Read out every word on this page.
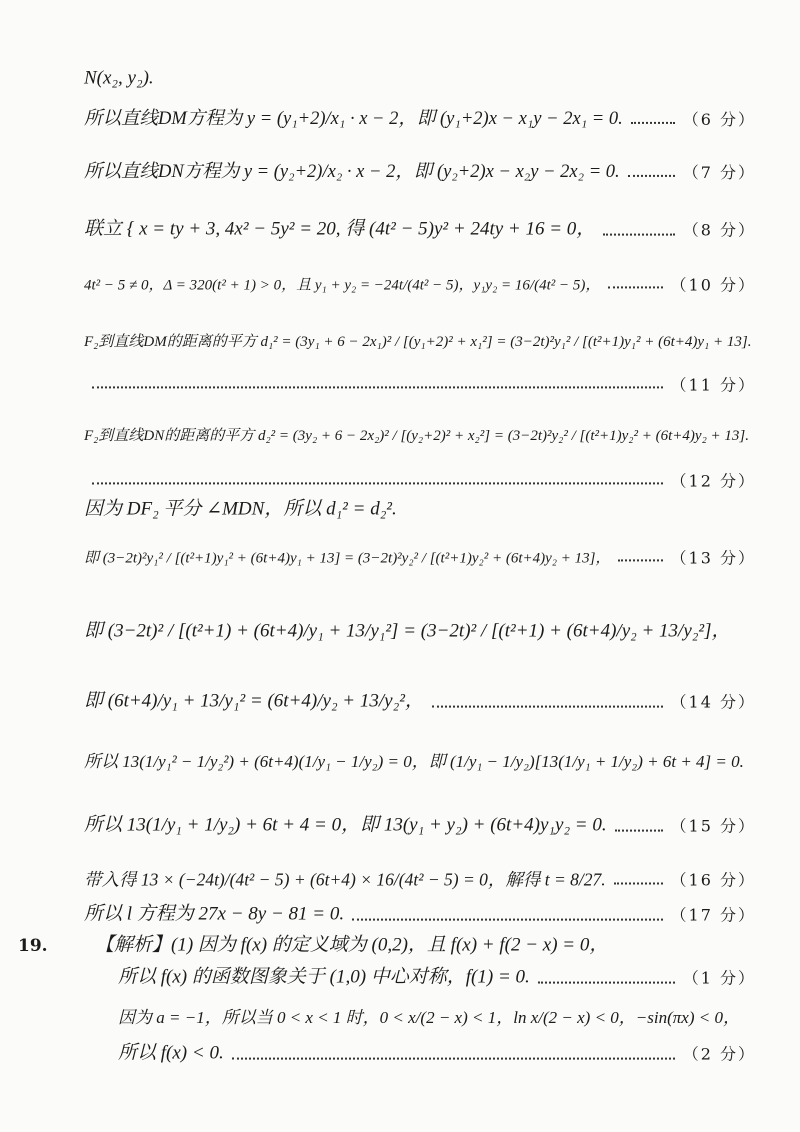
N(x₂, y₂).
所以直线DM方程为 y = (y₁+2)/x₁ · x − 2，即 (y₁+2)x − x₁y − 2x₁ = 0.	（6 分）
所以直线DN方程为 y = (y₂+2)/x₂ · x − 2，即 (y₂+2)x − x₂y − 2x₂ = 0.	（7 分）
联立 { x = ty + 3, 4x² − 5y² = 20, 得 (4t² − 5)y² + 24ty + 16 = 0，	（8 分）
4t² − 5 ≠ 0，Δ = 320(t² + 1) > 0，且 y₁ + y₂ = −24t/(4t² − 5)，y₁y₂ = 16/(4t² − 5)，	（10 分）
F₂到直线DM的距离的平方 d₁² = (3y₁ + 6 − 2x₁)² / [(y₁+2)² + x₁²] = (3−2t)²y₁² / [(t²+1)y₁² + (6t+4)y₁ + 13].
（11 分）
F₂到直线DN的距离的平方 d₂² = (3y₂ + 6 − 2x₂)² / [(y₂+2)² + x₂²] = (3−2t)²y₂² / [(t²+1)y₂² + (6t+4)y₂ + 13].
（12 分）
因为 DF₂ 平分 ∠MDN，所以 d₁² = d₂².
即 (3−2t)²y₁² / [(t²+1)y₁² + (6t+4)y₁ + 13] = (3−2t)²y₂² / [(t²+1)y₂² + (6t+4)y₂ + 13]，	（13 分）
即 (3−2t)² / [(t²+1) + (6t+4)/y₁ + 13/y₁²] = (3−2t)² / [(t²+1) + (6t+4)/y₂ + 13/y₂²]，
即 (6t+4)/y₁ + 13/y₁² = (6t+4)/y₂ + 13/y₂²，	（14 分）
所以 13(1/y₁² − 1/y₂²) + (6t+4)(1/y₁ − 1/y₂) = 0，即 (1/y₁ − 1/y₂)[13(1/y₁ + 1/y₂) + 6t + 4] = 0.
所以 13(1/y₁ + 1/y₂) + 6t + 4 = 0，即 13(y₁ + y₂) + (6t+4)y₁y₂ = 0.	（15 分）
带入得 13 × (−24t)/(4t² − 5) + (6t+4) × 16/(4t² − 5) = 0，解得 t = 8/27.	（16 分）
所以 l 方程为 27x − 8y − 81 = 0.	（17 分）
19. 【解析】(1) 因为 f(x) 的定义域为 (0,2)，且 f(x) + f(2 − x) = 0，
所以 f(x) 的函数图象关于 (1,0) 中心对称，f(1) = 0.	（1 分）
因为 a = −1，所以当 0 < x < 1 时，0 < x/(2 − x) < 1，ln x/(2 − x) < 0，−sin(πx) < 0，
所以 f(x) < 0.	（2 分）
